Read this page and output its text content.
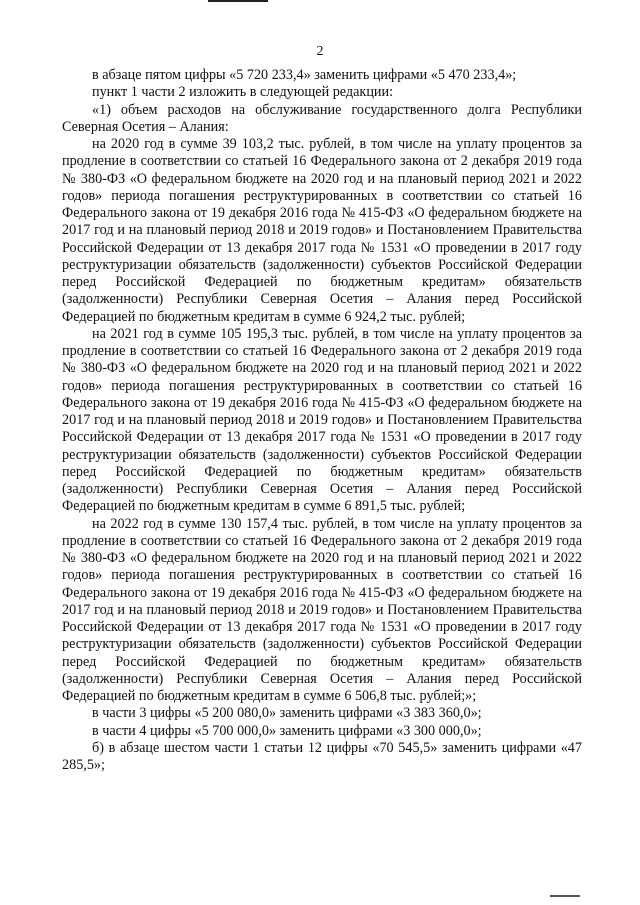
2

в абзаце пятом цифры «5 720 233,4» заменить цифрами «5 470 233,4»;

пункт 1 части 2 изложить в следующей редакции:

«1) объем расходов на обслуживание государственного долга Республики Северная Осетия – Алания:

на 2020 год в сумме 39 103,2 тыс. рублей, в том числе на уплату процентов за продление в соответствии со статьей 16 Федерального закона от 2 декабря 2019 года № 380-ФЗ «О федеральном бюджете на 2020 год и на плановый период 2021 и 2022 годов» периода погашения реструктурированных в соответствии со статьей 16 Федерального закона от 19 декабря 2016 года № 415-ФЗ «О федеральном бюджете на 2017 год и на плановый период 2018 и 2019 годов» и Постановлением Правительства Российской Федерации от 13 декабря 2017 года № 1531 «О проведении в 2017 году реструктуризации обязательств (задолженности) субъектов Российской Федерации перед Российской Федерацией по бюджетным кредитам» обязательств (задолженности) Республики Северная Осетия – Алания перед Российской Федерацией по бюджетным кредитам в сумме 6 924,2 тыс. рублей;

на 2021 год в сумме 105 195,3 тыс. рублей, в том числе на уплату процентов за продление в соответствии со статьей 16 Федерального закона от 2 декабря 2019 года № 380-ФЗ «О федеральном бюджете на 2020 год и на плановый период 2021 и 2022 годов» периода погашения реструктурированных в соответствии со статьей 16 Федерального закона от 19 декабря 2016 года № 415-ФЗ «О федеральном бюджете на 2017 год и на плановый период 2018 и 2019 годов» и Постановлением Правительства Российской Федерации от 13 декабря 2017 года № 1531 «О проведении в 2017 году реструктуризации обязательств (задолженности) субъектов Российской Федерации перед Российской Федерацией по бюджетным кредитам» обязательств (задолженности) Республики Северная Осетия – Алания перед Российской Федерацией по бюджетным кредитам в сумме 6 891,5 тыс. рублей;

на 2022 год в сумме 130 157,4 тыс. рублей, в том числе на уплату процентов за продление в соответствии со статьей 16 Федерального закона от 2 декабря 2019 года № 380-ФЗ «О федеральном бюджете на 2020 год и на плановый период 2021 и 2022 годов» периода погашения реструктурированных в соответствии со статьей 16 Федерального закона от 19 декабря 2016 года № 415-ФЗ «О федеральном бюджете на 2017 год и на плановый период 2018 и 2019 годов» и Постановлением Правительства Российской Федерации от 13 декабря 2017 года № 1531 «О проведении в 2017 году реструктуризации обязательств (задолженности) субъектов Российской Федерации перед Российской Федерацией по бюджетным кредитам» обязательств (задолженности) Республики Северная Осетия – Алания перед Российской Федерацией по бюджетным кредитам в сумме 6 506,8 тыс. рублей;»;

в части 3 цифры «5 200 080,0» заменить цифрами «3 383 360,0»;

в части 4 цифры «5 700 000,0» заменить цифрами «3 300 000,0»;

б) в абзаце шестом части 1 статьи 12 цифры «70 545,5» заменить цифрами «47 285,5»;
